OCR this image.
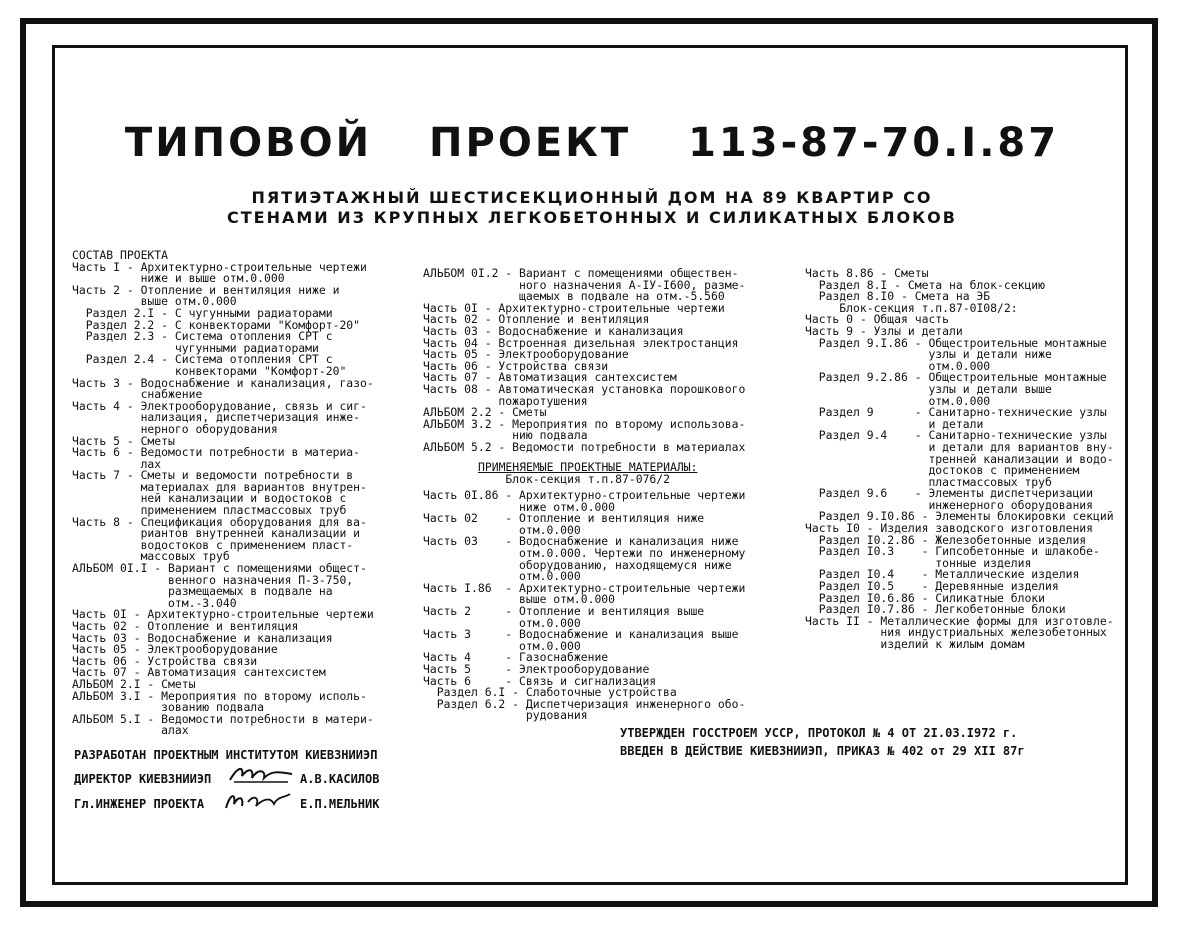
ТИПОВОЙ ПРОЕКТ 113-87-70.I.87
ПЯТИЭТАЖНЫЙ ШЕСТИСЕКЦИОННЫЙ ДОМ НА 89 КВАРТИР СО
СТЕНАМИ ИЗ КРУПНЫХ ЛЕГКОБЕТОННЫХ И СИЛИКАТНЫХ БЛОКОВ
СОСТАВ ПРОЕКТА
Часть I - Архитектурно-строительные чертежи
ниже и выше отм.0.000
Часть 2 - Отопление и вентиляция ниже и
выше отм.0.000
Раздел 2.I - С чугунными радиаторами
Раздел 2.2 - С конвекторами "Комфорт-20"
Раздел 2.3 - Система отопления СРТ с
чугунными радиаторами
Раздел 2.4 - Система отопления СРТ с
конвекторами "Комфорт-20"
Часть 3 - Водоснабжение и канализация, газо-
снабжение
Часть 4 - Электрооборудование, связь и сиг-
нализация, диспетчеризация инже-
нерного оборудования
Часть 5 - Сметы
Часть 6 - Ведомости потребности в материа-
лах
Часть 7 - Сметы и ведомости потребности в
материалах для вариантов внутрен-
ней канализации и водостоков с
применением пластмассовых труб
Часть 8 - Спецификация оборудования для ва-
риантов внутренней канализации и
водостоков с применением пласт-
массовых труб
АЛЬБОМ 0I.I - Вариант с помещениями общест-
венного назначения П-3-750,
размещаемых в подвале на
отм.-3.040
Часть 0I - Архитектурно-строительные чертежи
Часть 02 - Отопление и вентиляция
Часть 03 - Водоснабжение и канализация
Часть 05 - Электрооборудование
Часть 06 - Устройства связи
Часть 07 - Автоматизация сантехсистем
АЛЬБОМ 2.I - Сметы
АЛЬБОМ 3.I - Мероприятия по второму исполь-
зованию подвала
АЛЬБОМ 5.I - Ведомости потребности в матери-
алах
АЛЬБОМ 0I.2 - Вариант с помещениями обществен-
ного назначения А-IУ-I600, разме-
щаемых в подвале на отм.-5.560
Часть 0I - Архитектурно-строительные чертежи
Часть 02 - Отопление и вентиляция
Часть 03 - Водоснабжение и канализация
Часть 04 - Встроенная дизельная электростанция
Часть 05 - Электрооборудование
Часть 06 - Устройства связи
Часть 07 - Автоматизация сантехсистем
Часть 08 - Автоматическая установка порошкового
пожаротушения
АЛЬБОМ 2.2 - Сметы
АЛЬБОМ 3.2 - Мероприятия по второму использова-
нию подвала
АЛЬБОМ 5.2 - Ведомости потребности в материалах
ПРИМЕНЯЕМЫЕ ПРОЕКТНЫЕ МАТЕРИАЛЫ:
Блок-секция т.п.87-076/2
Часть 0I.86 - Архитектурно-строительные чертежи
ниже отм.0.000
Часть 02    - Отопление и вентиляция ниже
отм.0.000
Часть 03    - Водоснабжение и канализация ниже
отм.0.000. Чертежи по инженерному
оборудованию, находящемуся ниже
отм.0.000
Часть I.86  - Архитектурно-строительные чертежи
выше отм.0.000
Часть 2     - Отопление и вентиляция выше
отм.0.000
Часть 3     - Водоснабжение и канализация выше
отм.0.000
Часть 4     - Газоснабжение
Часть 5     - Электрооборудование
Часть 6     - Связь и сигнализация
Раздел 6.I - Слаботочные устройства
Раздел 6.2 - Диспетчеризация инженерного обо-
рудования
Часть 8.86 - Сметы
Раздел 8.I - Смета на блок-секцию
Раздел 8.I0 - Смета на ЭБ
Блок-секция т.п.87-0I08/2:
Часть 0 - Общая часть
Часть 9 - Узлы и детали
Раздел 9.I.86 - Общестроительные монтажные
узлы и детали ниже
отм.0.000
Раздел 9.2.86 - Общестроительные монтажные
узлы и детали выше
отм.0.000
Раздел 9      - Санитарно-технические узлы
и детали
Раздел 9.4    - Санитарно-технические узлы
и детали для вариантов вну-
тренней канализации и водо-
достоков с применением
пластмассовых труб
Раздел 9.6    - Элементы диспетчеризации
инженерного оборудования
Раздел 9.I0.86 - Элементы блокировки секций
Часть I0 - Изделия заводского изготовления
Раздел I0.2.86 - Железобетонные изделия
Раздел I0.3    - Гипсобетонные и шлакобе-
тонные изделия
Раздел I0.4    - Металлические изделия
Раздел I0.5    - Деревянные изделия
Раздел I0.6.86 - Силикатные блоки
Раздел I0.7.86 - Легкобетонные блоки
Часть II - Металлические формы для изготовле-
ния индустриальных железобетонных
изделий к жилым домам
УТВЕРЖДЕН ГОССТРОЕМ УССР, ПРОТОКОЛ № 4 ОТ 2I.03.I972 г.
ВВЕДЕН В ДЕЙСТВИЕ КИЕВЗНИИЭП, ПРИКАЗ № 402 от 29 XII 87г
РАЗРАБОТАН ПРОЕКТНЫМ ИНСТИТУТОМ КИЕВЗНИИЭП
ДИРЕКТОР КИЕВЗНИИЭП	А.В.КАСИЛОВ
Гл.ИНЖЕНЕР ПРОЕКТА	Е.П.МЕЛЬНИК
